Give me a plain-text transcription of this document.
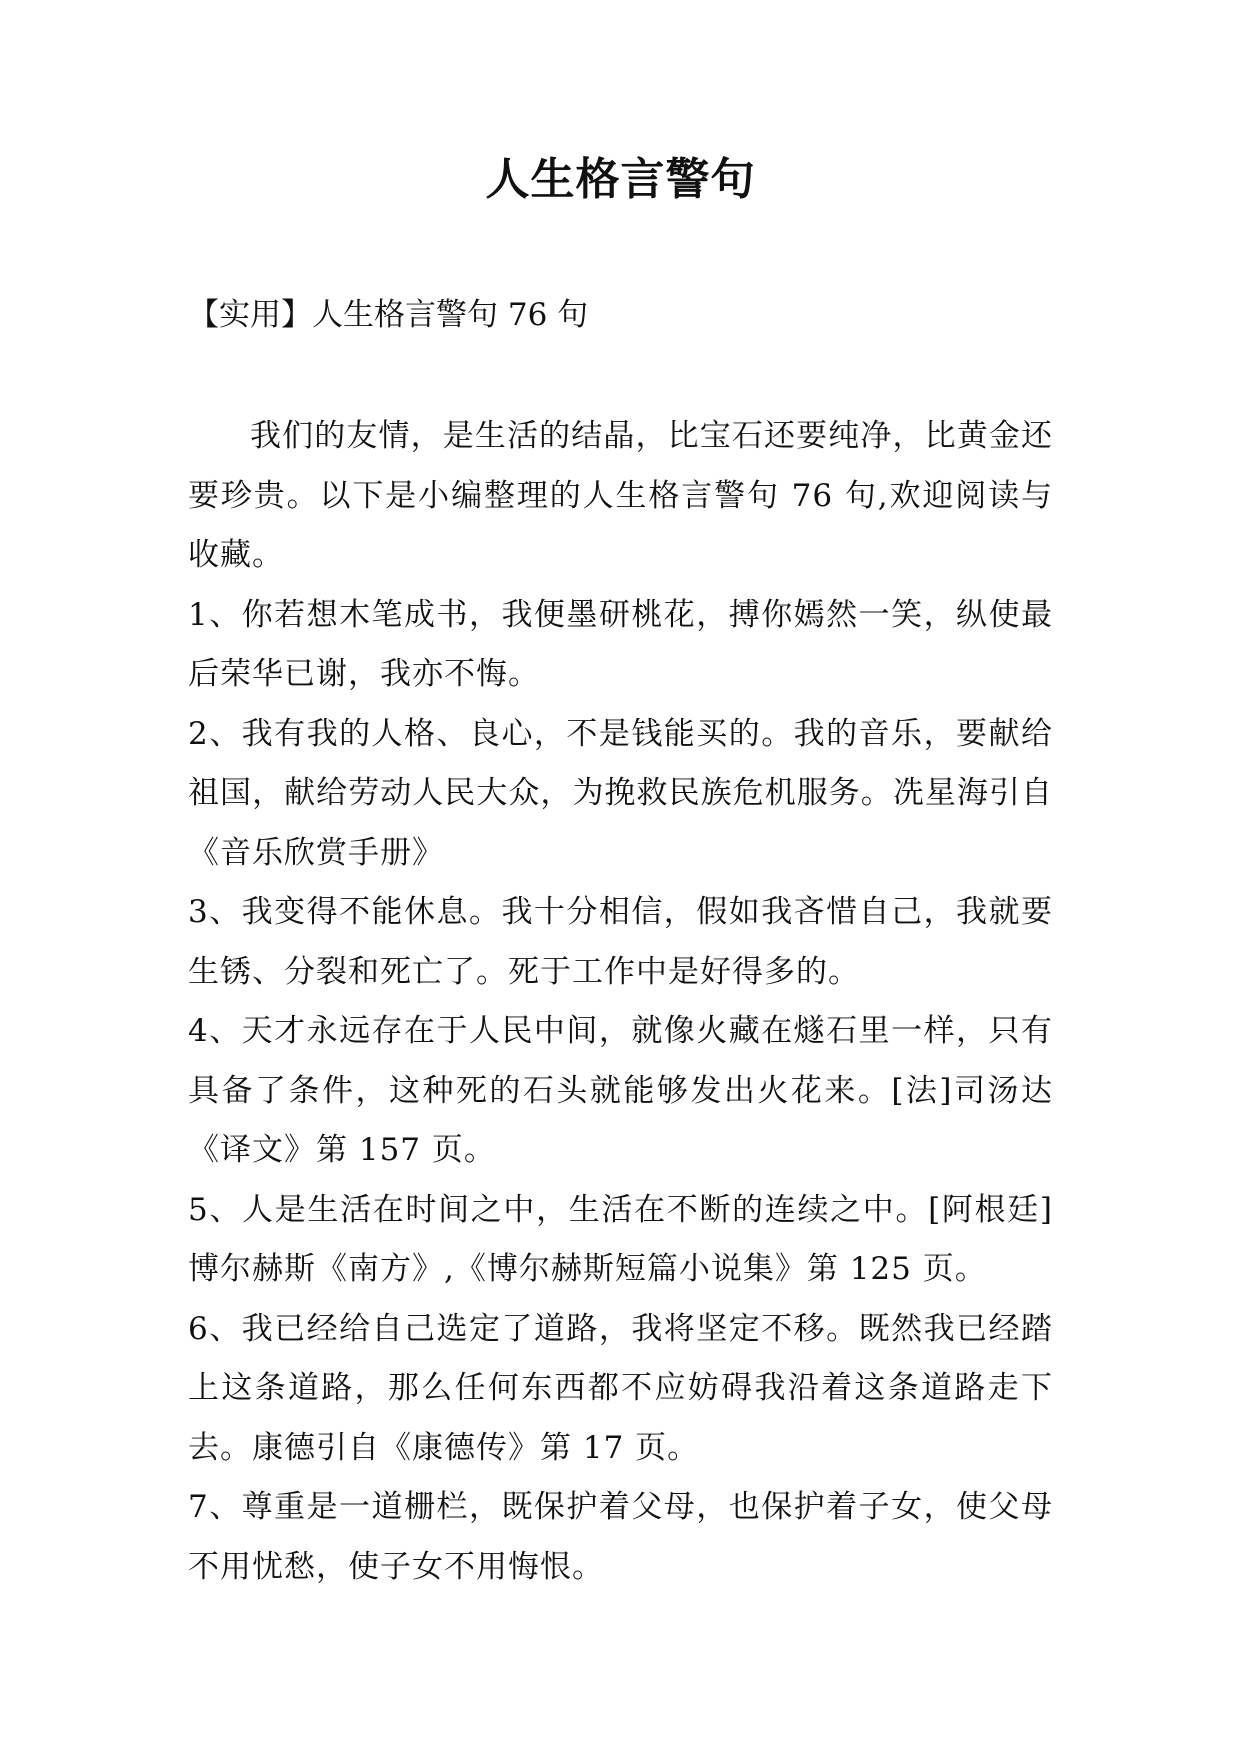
人生格言警句

【实用】人生格言警句 76 句

我们的友情，是生活的结晶，比宝石还要纯净，比黄金还要珍贵。以下是小编整理的人生格言警句 76 句,欢迎阅读与收藏。

1、你若想木笔成书，我便墨研桃花，搏你嫣然一笑，纵使最后荣华已谢，我亦不悔。

2、我有我的人格、良心，不是钱能买的。我的音乐，要献给祖国，献给劳动人民大众，为挽救民族危机服务。冼星海引自《音乐欣赏手册》

3、我变得不能休息。我十分相信，假如我吝惜自己，我就要生锈、分裂和死亡了。死于工作中是好得多的。

4、天才永远存在于人民中间，就像火藏在燧石里一样，只有具备了条件，这种死的石头就能够发出火花来。[法]司汤达《译文》第 157 页。

5、人是生活在时间之中，生活在不断的连续之中。[阿根廷]博尔赫斯《南方》,《博尔赫斯短篇小说集》第 125 页。

6、我已经给自己选定了道路，我将坚定不移。既然我已经踏上这条道路，那么任何东西都不应妨碍我沿着这条道路走下去。康德引自《康德传》第 17 页。

7、尊重是一道栅栏，既保护着父母，也保护着子女，使父母不用忧愁，使子女不用悔恨。
